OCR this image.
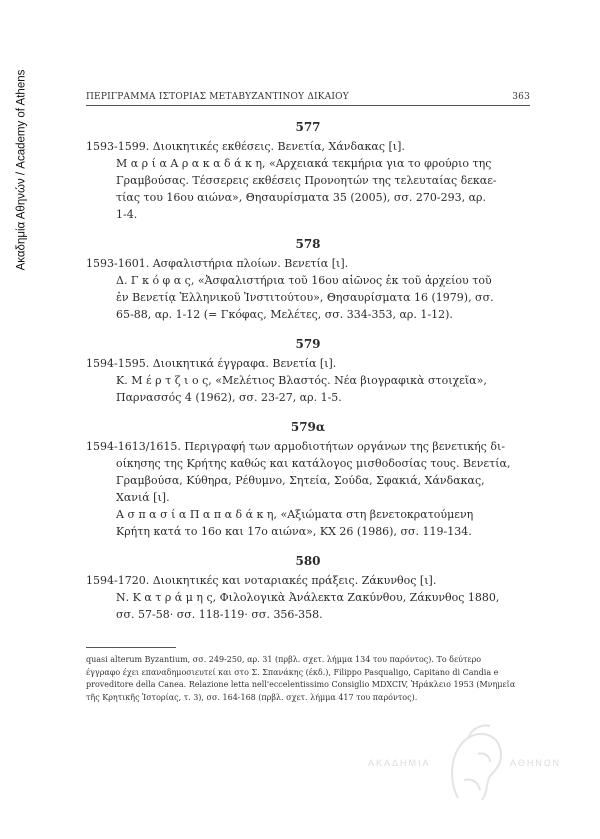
Ακαδημία Αθηνών / Academy of Athens	ΠΕΡΙΓΡΑΜΜΑ ΙΣΤΟΡΙΑΣ ΜΕΤΑΒΥΖΑΝΤΙΝΟΥ ΔΙΚΑΙΟΥ	363
577
1593-1599. Διοικητικές εκθέσεις. Βενετία, Χάνδακας [ι].
Μ α ρ ί α Α ρ α κ α δ ά κ η, «Αρχειακά τεκμήρια για το φρούριο της
Γραμβούσας. Τέσσερεις εκθέσεις Προνοητών της τελευταίας δεκαε-
τίας του 16ου αιώνα», Θησαυρίσματα 35 (2005), σσ. 270-293, αρ.
1-4.
578
1593-1601. Ασφαλιστήρια πλοίων. Βενετία [ι].
Δ. Γ κ ό φ α ς, «Ἀσφαλιστήρια τοῦ 16ου αἰῶνος ἐκ τοῦ ἀρχείου τοῦ
ἐν Βενετίᾳ Ἑλληνικοῦ Ἰνστιτούτου», Θησαυρίσματα 16 (1979), σσ.
65-88, αρ. 1-12 (= Γκόφας, Μελέτες, σσ. 334-353, αρ. 1-12).
579
1594-1595. Διοικητικά έγγραφα. Βενετία [ι].
Κ. Μ έ ρ τ ζ ι ο ς, «Μελέτιος Βλαστός. Νέα βιογραφικὰ στοιχεῖα»,
Παρνασσός 4 (1962), σσ. 23-27, αρ. 1-5.
579α
1594-1613/1615. Περιγραφή των αρμοδιοτήτων οργάνων της βενετικής δι-
οίκησης της Κρήτης καθώς και κατάλογος μισθοδοσίας τους. Βενετία,
Γραμβούσα, Κύθηρα, Ρέθυμνο, Σητεία, Σούδα, Σφακιά, Χάνδακας,
Χανιά [ι].
Α σ π α σ ί α Π α π α δ ά κ η, «Αξιώματα στη βενετοκρατούμενη
Κρήτη κατά το 16ο και 17ο αιώνα», ΚΧ 26 (1986), σσ. 119-134.
580
1594-1720. Διοικητικές και νοταριακές πράξεις. Ζάκυνθος [ι].
Ν. Κ α τ ρ ά μ η ς, Φιλολογικὰ Ἀνάλεκτα Ζακύνθου, Ζάκυνθος 1880,
σσ. 57-58· σσ. 118-119· σσ. 356-358.
quasi alterum Byzantium, σσ. 249-250, αρ. 31 (πρβλ. σχετ. λήμμα 134 του παρόντος). Το δεύτερο
έγγραφο έχει επαναδημοσιευτεί και στο Σ. Σπανάκης (έκδ.), Filippo Pasqualigo, Capitano di Candia e
proveditore della Canea. Relazione letta nell'eccelentissimo Consiglio MDXCIV, Ἡράκλειο 1953 (Μνημεῖα
τῆς Κρητικῆς Ἱστορίας, τ. 3), σσ. 164-168 (πρβλ. σχετ. λήμμα 417 του παρόντος).
ΑΚΑΔΗΜΙΑ	ΑΘΗΝΩΝ
